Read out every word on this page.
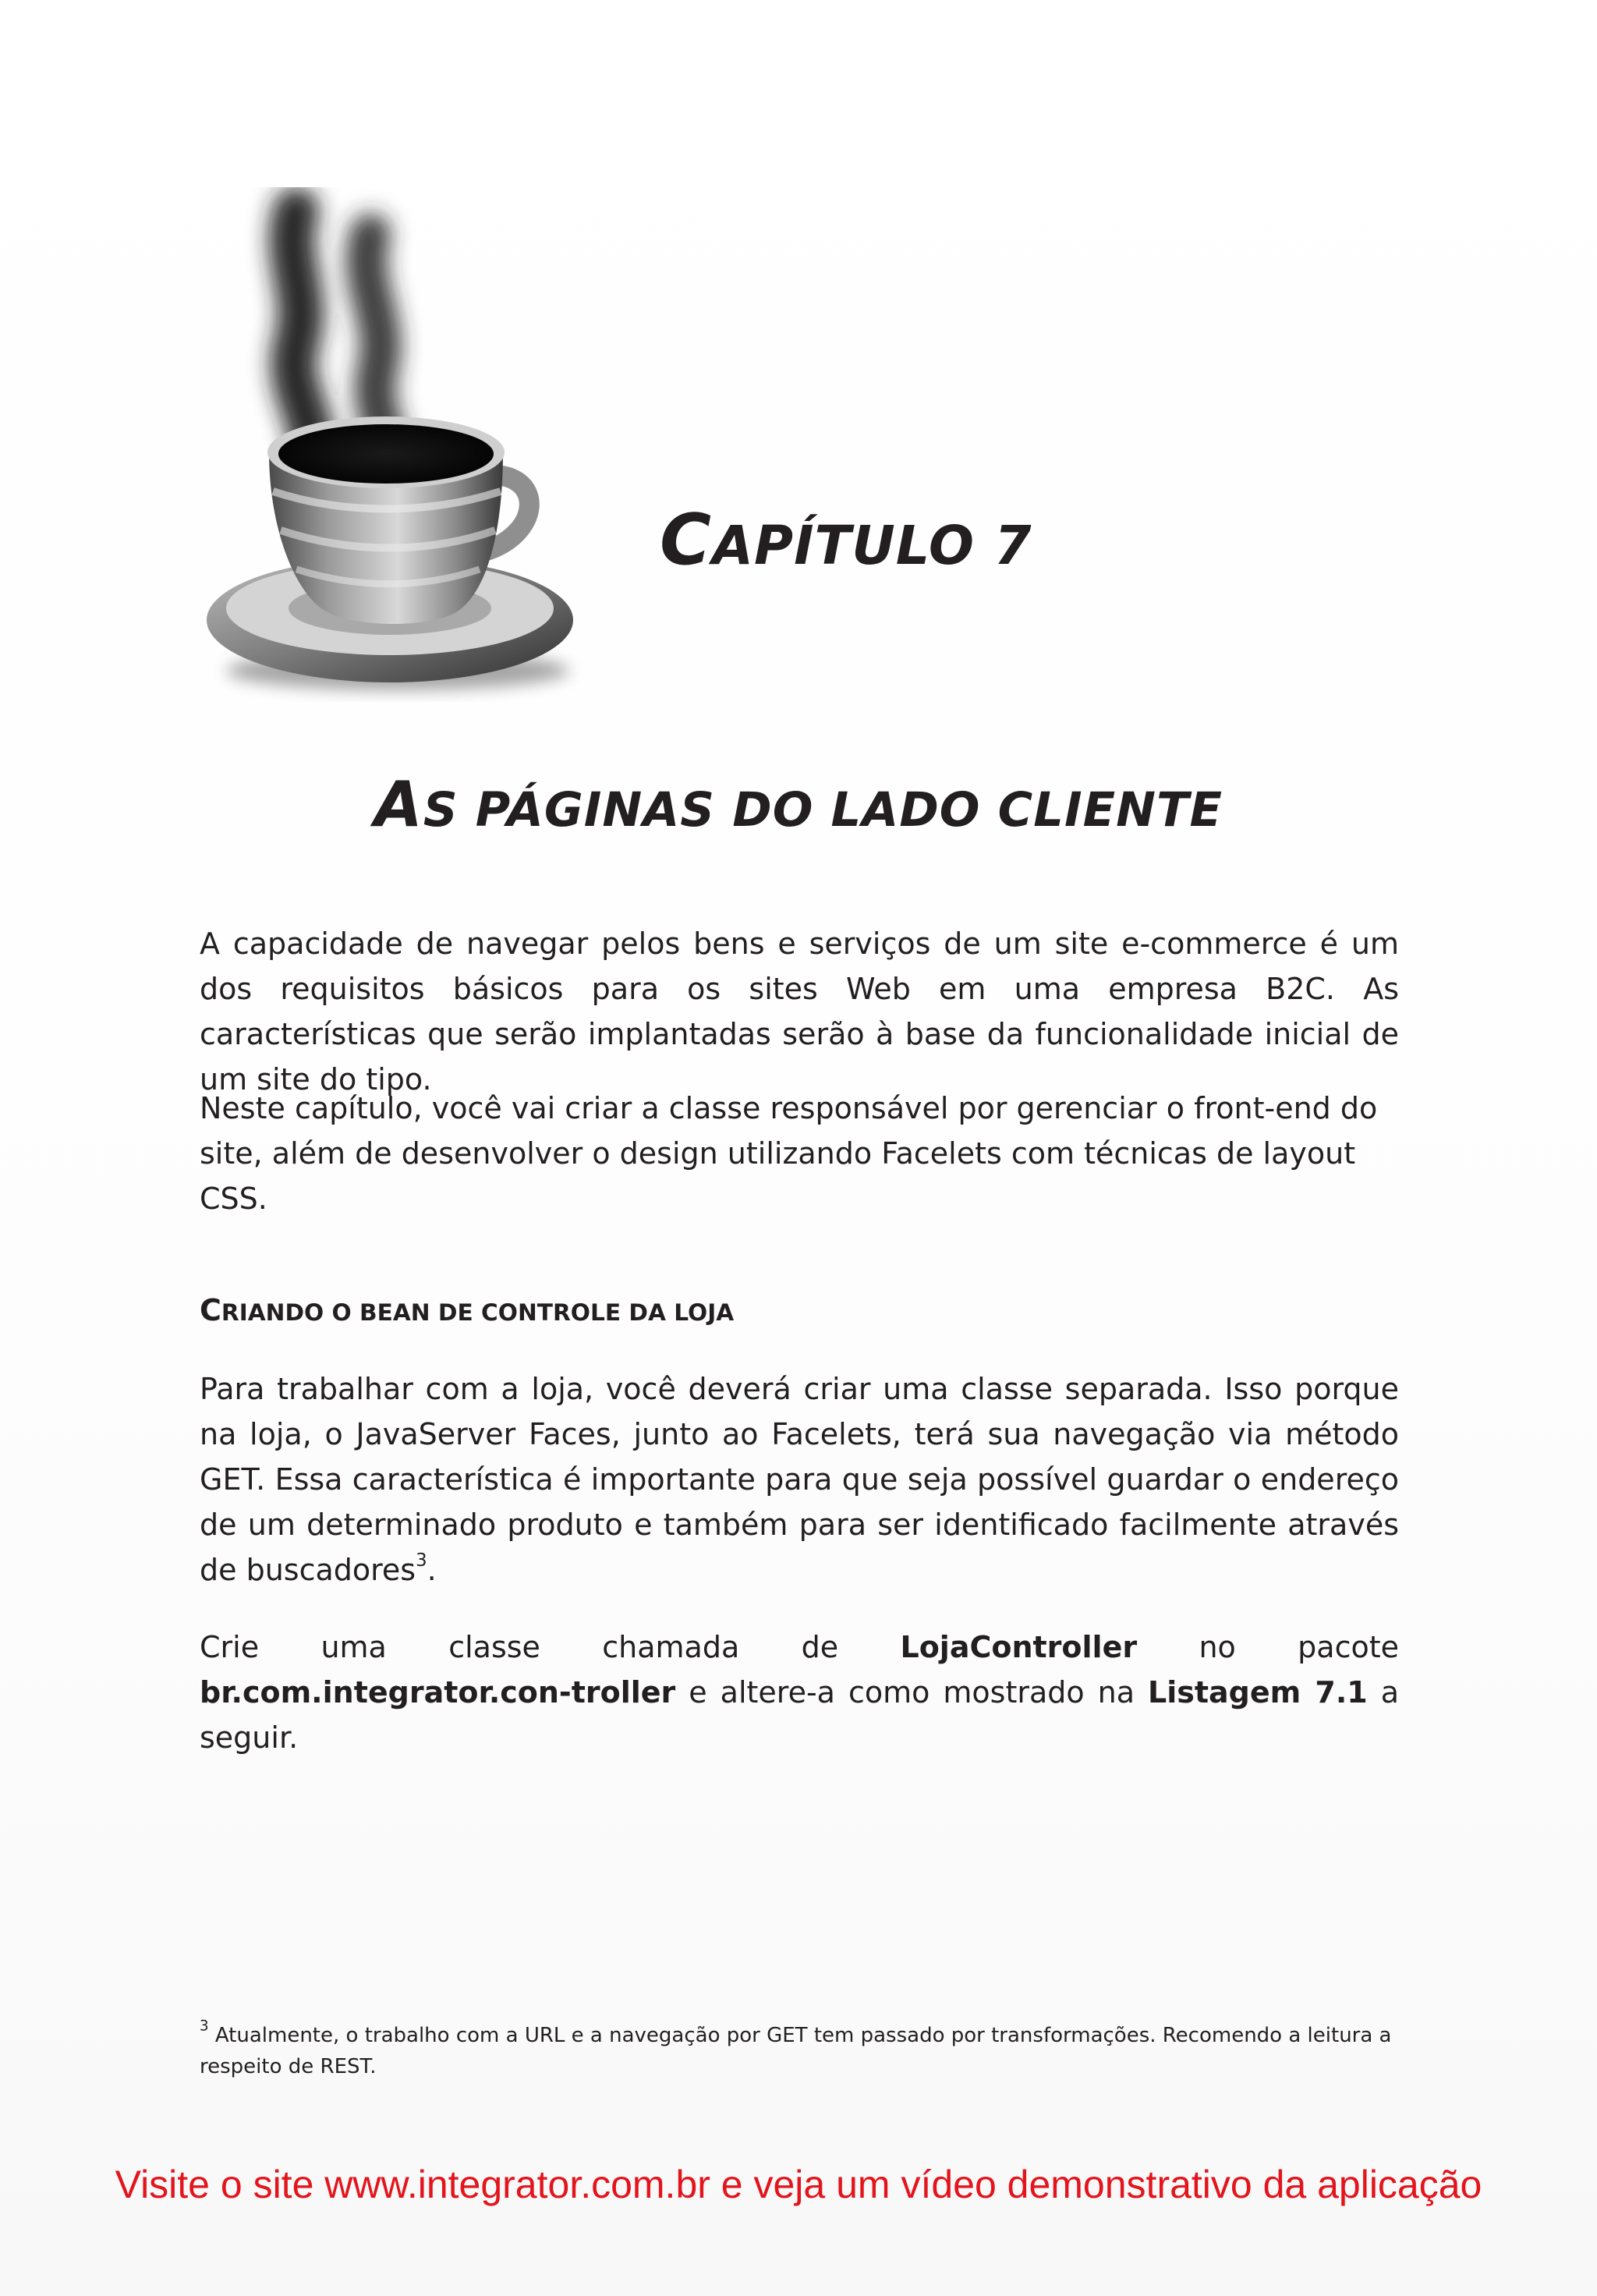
CAPÍTULO 7
AS PÁGINAS DO LADO CLIENTE

A capacidade de navegar pelos bens e serviços de um site e-commerce é um dos requisitos básicos para os sites Web em uma empresa B2C. As características que serão implantadas serão à base da funcionalidade inicial de um site do tipo.

Neste capítulo, você vai criar a classe responsável por gerenciar o front-end do site, além de desenvolver o design utilizando Facelets com técnicas de layout CSS.

CRIANDO O BEAN DE CONTROLE DA LOJA

Para trabalhar com a loja, você deverá criar uma classe separada. Isso porque na loja, o JavaServer Faces, junto ao Facelets, terá sua navegação via método GET. Essa característica é importante para que seja possível guardar o endereço de um determinado produto e também para ser identificado facilmente através de buscadores$^3$.

Crie uma classe chamada de LojaController no pacote br.com.integrator.con-troller e altere-a como mostrado na Listagem 7.1 a seguir.

$^3$ Atualmente, o trabalho com a URL e a navegação por GET tem passado por transformações. Recomendo a leitura a respeito de REST.

Visite o site www.integrator.com.br e veja um vídeo demonstrativo da aplicação
